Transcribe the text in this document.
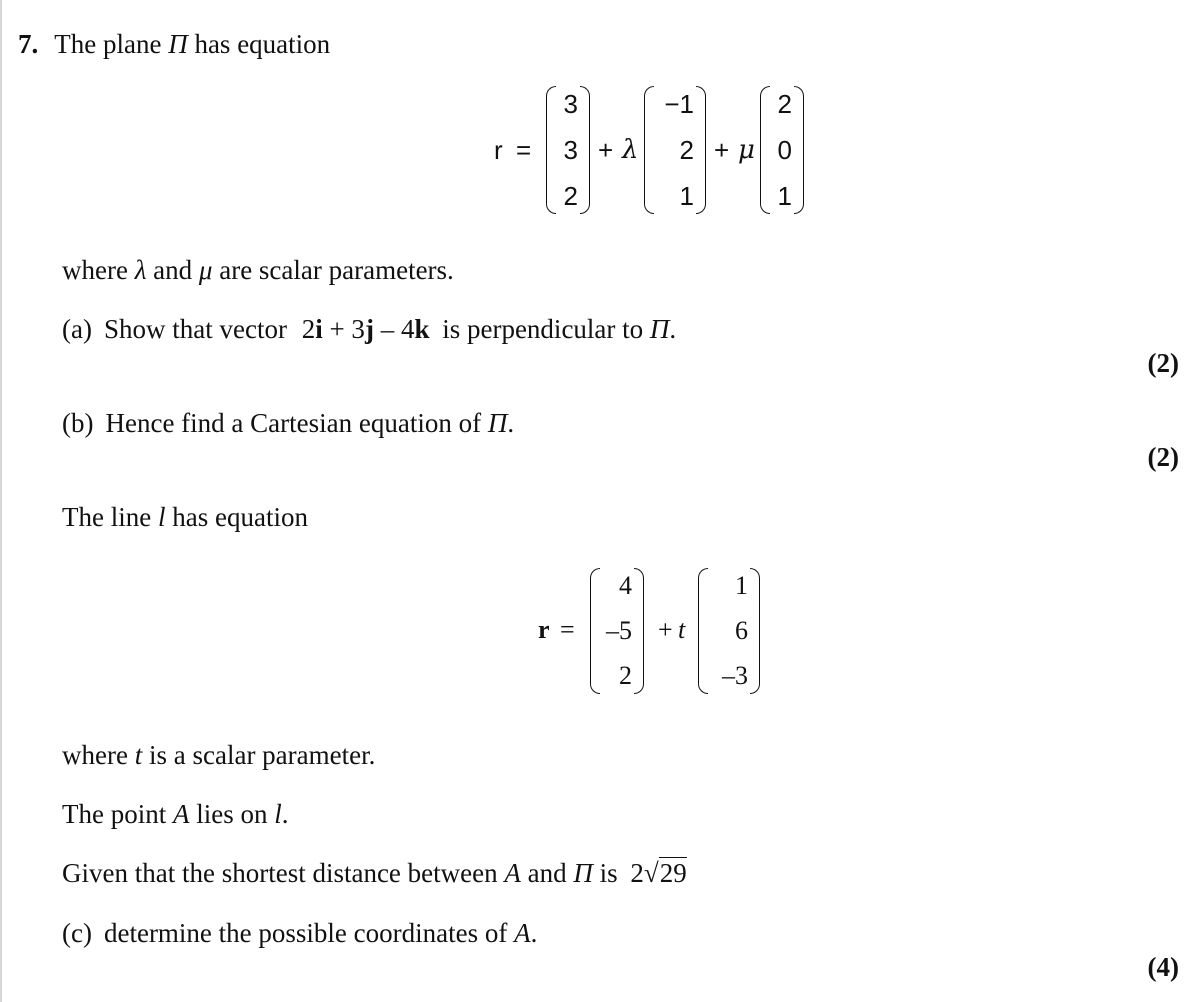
7. The plane Π has equation
r =
3
3
2
+ λ
−1
2
1
+ μ
2
0
1
where λ and μ are scalar parameters.
(a) Show that vector 2i + 3j – 4k is perpendicular to Π.
(2)
(b) Hence find a Cartesian equation of Π.
(2)
The line l has equation
r =
4
–5
2
+ t
1
6
–3
where t is a scalar parameter.
The point A lies on l.
Given that the shortest distance between A and Π is 2√29
(c) determine the possible coordinates of A.
(4)
